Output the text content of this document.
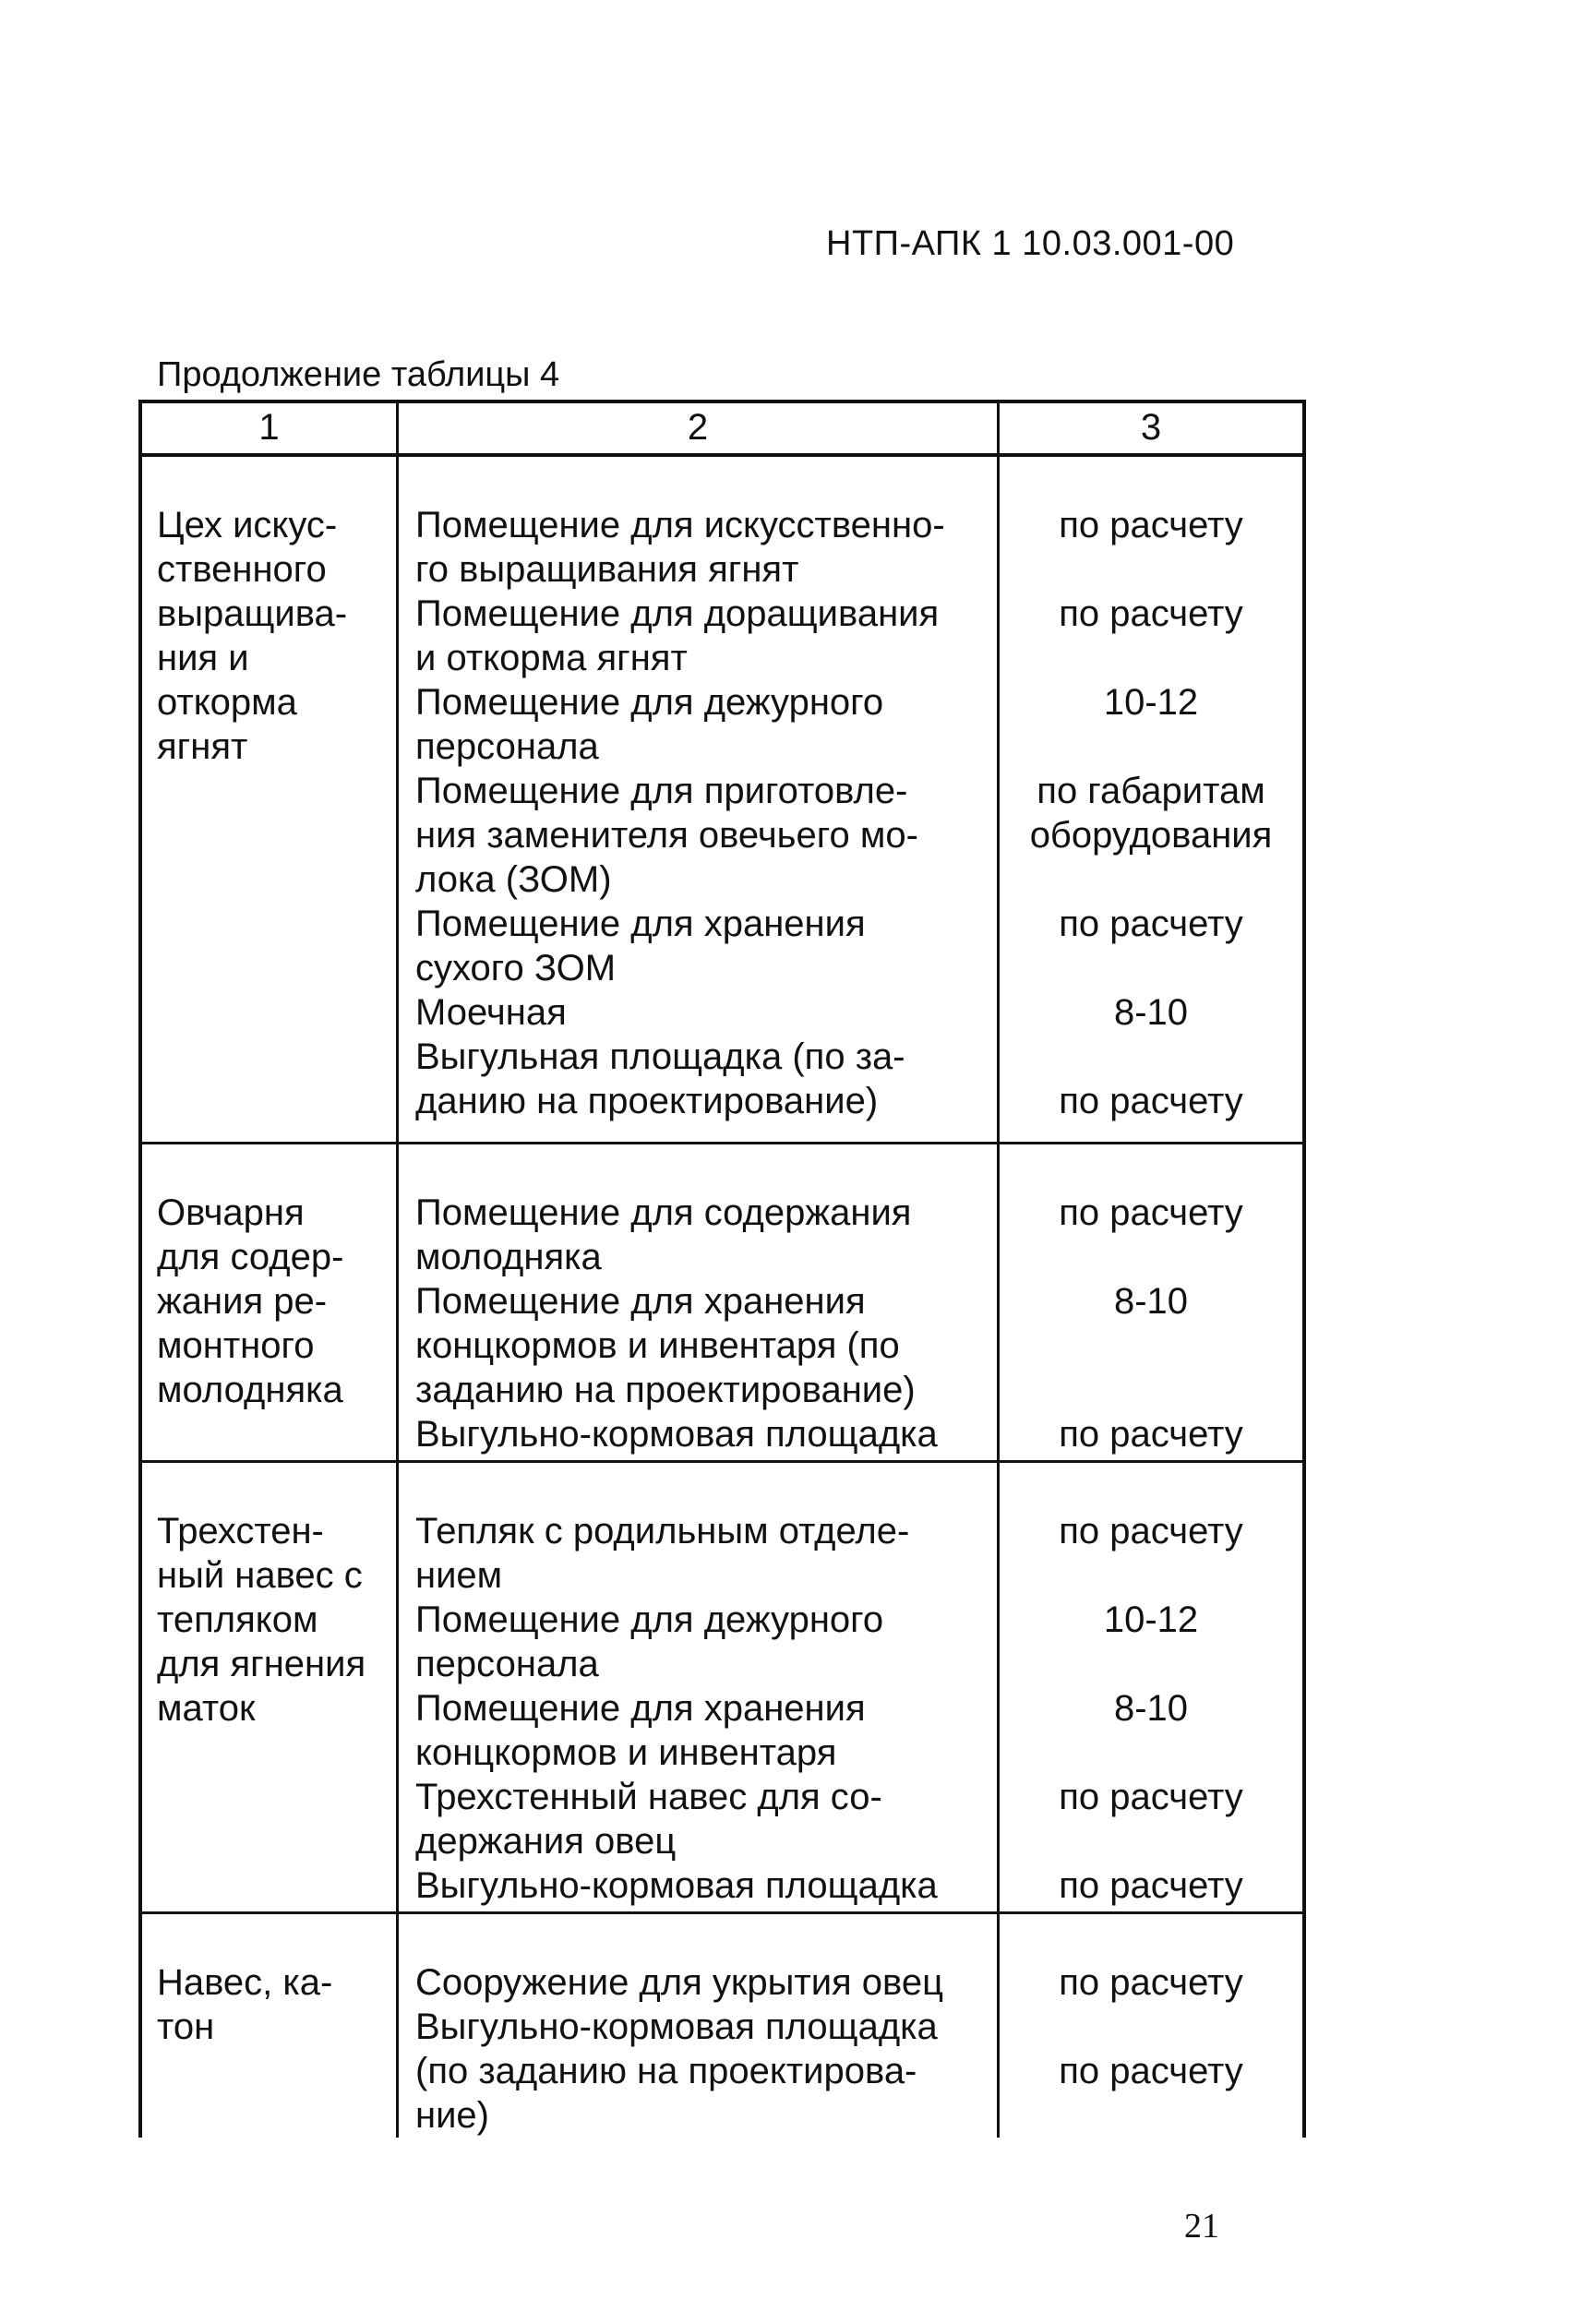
НТП-АПК 1 10.03.001-00
Продолжение таблицы 4
1	2	3
Цех искус-
ственного
выращива-
ния и
откорма
ягнят
Помещение для искусственно-
го выращивания ягнят
Помещение для доращивания
и откорма ягнят
Помещение для дежурного
персонала
Помещение для приготовле-
ния заменителя овечьего мо-
лока (ЗОМ)
Помещение для хранения
сухого ЗОМ
Моечная
Выгульная площадка (по за-
данию на проектирование)
по расчету
по расчету
10-12
по габаритам
оборудования
по расчету
8-10
по расчету
Овчарня
для содер-
жания ре-
монтного
молодняка
Помещение для содержания
молодняка
Помещение для хранения
концкормов и инвентаря (по
заданию на проектирование)
Выгульно-кормовая площадка
по расчету
8-10
по расчету
Трехстен-
ный навес с
тепляком
для ягнения
маток
Тепляк с родильным отделе-
нием
Помещение для дежурного
персонала
Помещение для хранения
концкормов и инвентаря
Трехстенный навес для со-
держания овец
Выгульно-кормовая площадка
по расчету
10-12
8-10
по расчету
по расчету
Навес, ка-
тон
Сооружение для укрытия овец
Выгульно-кормовая площадка
(по заданию на проектирова-
ние)
по расчету
по расчету
21
